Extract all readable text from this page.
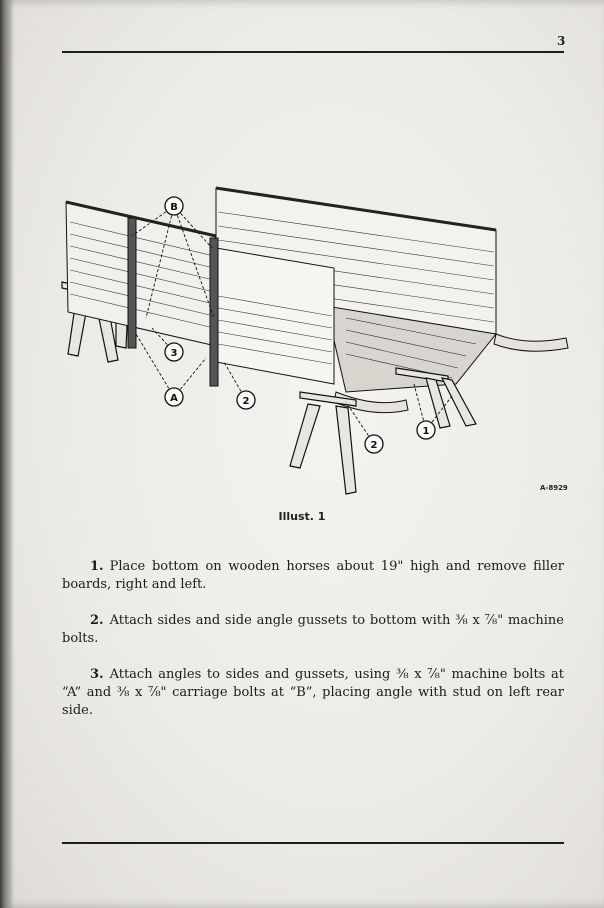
3
B
A
1
2
2
3
A-8929
Illust. 1

1. Place bottom on wooden horses about 19" high and remove filler boards, right and left.

2. Attach sides and side angle gussets to bottom with ⅜ x ⅞" machine bolts.

3. Attach angles to sides and gussets, using ⅜ x ⅞" machine bolts at “A” and ⅜ x ⅞" carriage bolts at “B”, placing angle with stud on left rear side.
